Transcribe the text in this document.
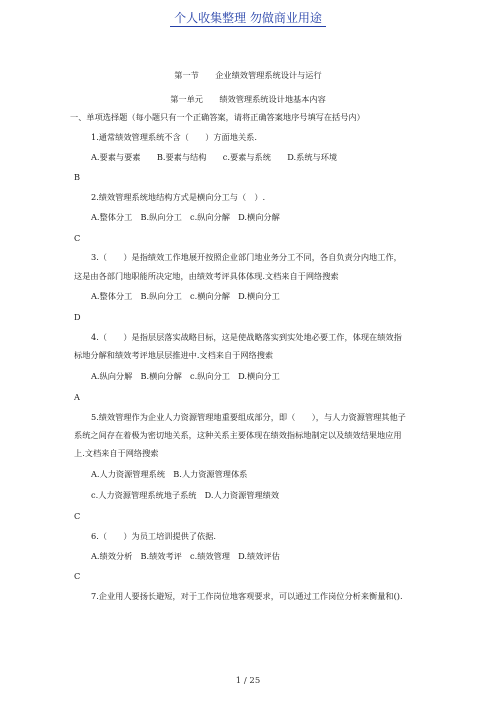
个人收集整理 勿做商业用途
第一节　　企业绩效管理系统设计与运行
第一单元　　绩效管理系统设计地基本内容
一、单项选择题（每小题只有一个正确答案，请将正确答案地序号填写在括号内）
1.通常绩效管理系统不含（　　）方面地关系.
A.要素与要素　　B.要素与结构　　c.要素与系统　　D.系统与环境
B
2.绩效管理系统地结构方式是横向分工与（　）.
A.整体分工　B.纵向分工　c.纵向分解　D.横向分解
C
3.（　　）是指绩效工作地展开按照企业部门地业务分工不同，各自负责分内地工作，
这是由各部门地职能所决定地，由绩效考评具体体现.文档来自于网络搜索
A.整体分工　B.纵向分工　c.横向分解　D.横向分工
D
4.（　　）是指层层落实战略目标，这是使战略落实到实处地必要工作，体现在绩效指
标地分解和绩效考评地层层推进中.文档来自于网络搜索
A.纵向分解　B.横向分解　c.纵向分工　D.横向分工
A
5.绩效管理作为企业人力资源管理地重要组成部分，即（　　），与人力资源管理其他子
系统之间存在着极为密切地关系，这种关系主要体现在绩效指标地制定以及绩效结果地应用
上.文档来自于网络搜索
A.人力资源管理系统　B.人力资源管理体系
c.人力资源管理系统地子系统　D.人力资源管理绩效
C
6.（　　）为员工培训提供了依据.
A.绩效分析　B.绩效考评　c.绩效管理　D.绩效评估
C
7.企业用人要扬长避短，对于工作岗位地客观要求，可以通过工作岗位分析来衡量和().
1 / 25
